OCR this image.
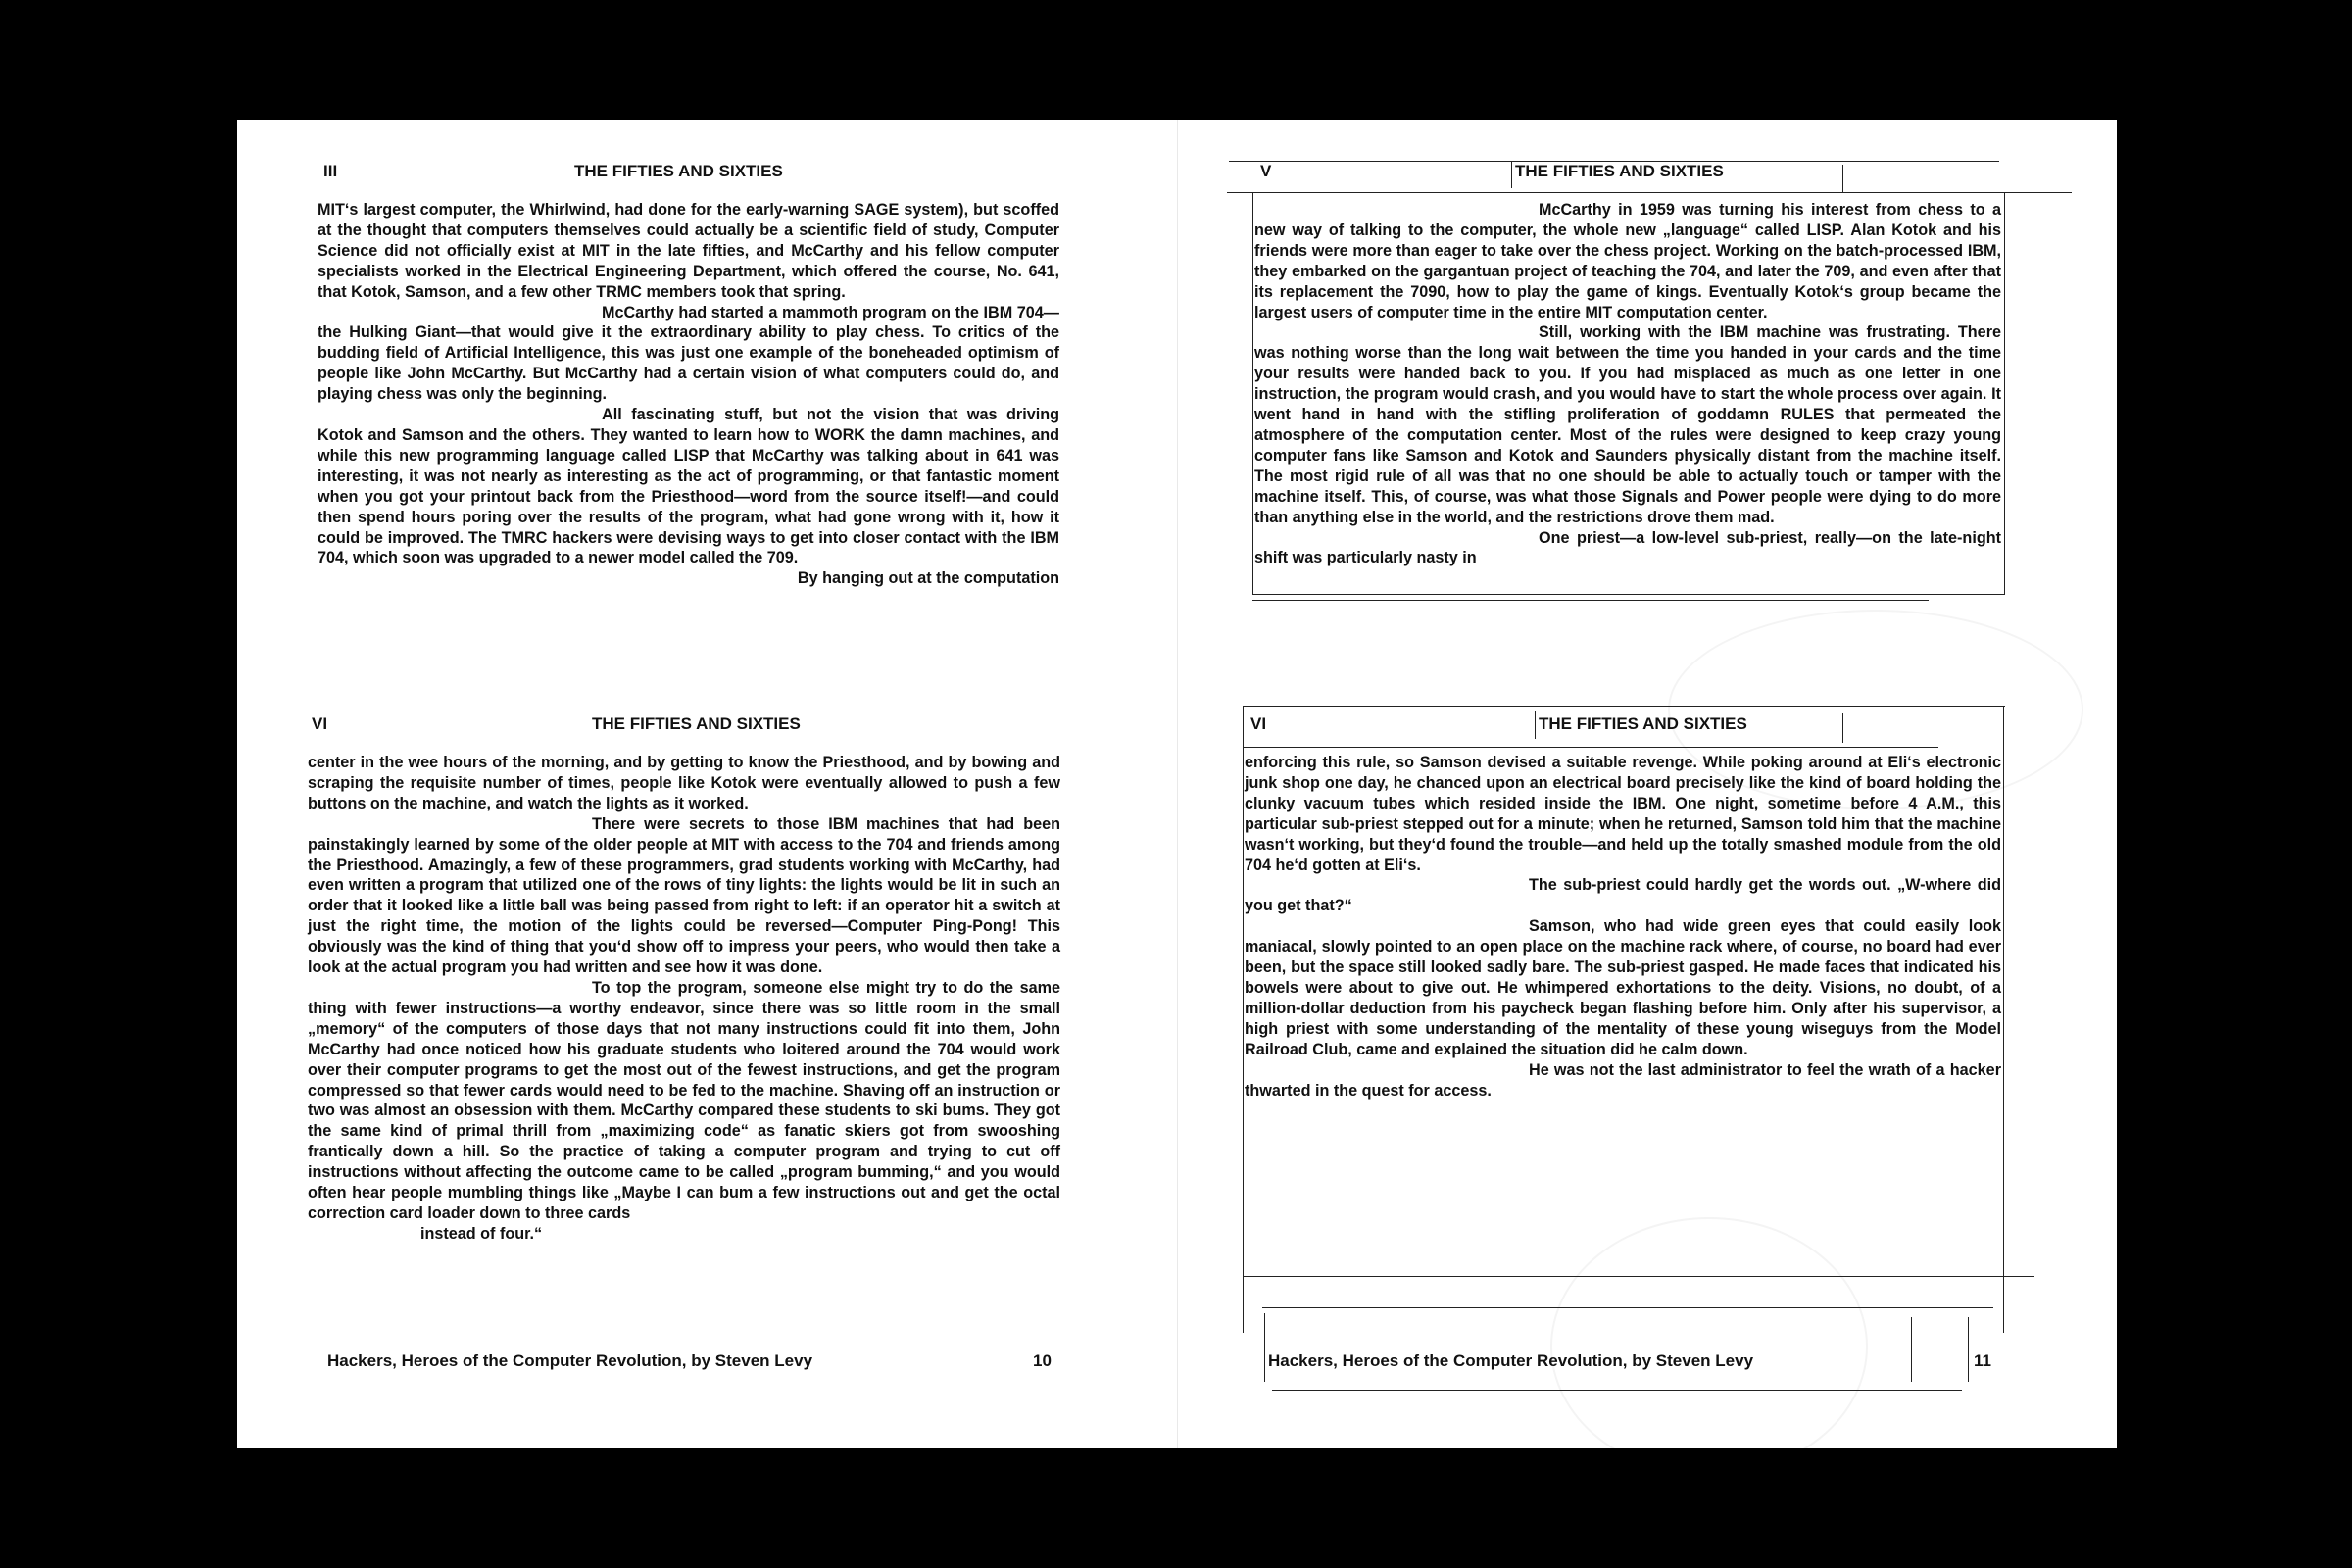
III	THE FIFTIES AND SIXTIES

MIT‘s largest computer, the Whirlwind, had done for the early-warning SAGE system), but scoffed at the thought that computers themselves could actually be a scientific field of study, Computer Science did not officially exist at MIT in the late fifties, and McCarthy and his fellow computer specialists worked in the Electrical Engineering Department, which offered the course, No. 641, that Kotok, Samson, and a few other TRMC members took that spring.

McCarthy had started a mammoth program on the IBM 704—the Hulking Giant—that would give it the extraordinary ability to play chess. To critics of the budding field of Artificial Intelligence, this was just one example of the boneheaded optimism of people like John McCarthy. But McCarthy had a certain vision of what computers could do, and playing chess was only the beginning.

All fascinating stuff, but not the vision that was driving Kotok and Samson and the others. They wanted to learn how to WORK the damn machines, and while this new programming language called LISP that McCarthy was talking about in 641 was interesting, it was not nearly as interesting as the act of programming, or that fantastic moment when you got your printout back from the Priesthood—word from the source itself!—and could then spend hours poring over the results of the program, what had gone wrong with it, how it could be improved. The TMRC hackers were devising ways to get into closer contact with the IBM 704, which soon was upgraded to a newer model called the 709.

By hanging out at the computation

VI	THE FIFTIES AND SIXTIES

center in the wee hours of the morning, and by getting to know the Priesthood, and by bowing and scraping the requisite number of times, people like Kotok were eventually allowed to push a few buttons on the machine, and watch the lights as it worked.

There were secrets to those IBM machines that had been painstakingly learned by some of the older people at MIT with access to the 704 and friends among the Priesthood. Amazingly, a few of these programmers, grad students working with McCarthy, had even written a program that utilized one of the rows of tiny lights: the lights would be lit in such an order that it looked like a little ball was being passed from right to left: if an operator hit a switch at just the right time, the motion of the lights could be reversed—Computer Ping-Pong! This obviously was the kind of thing that you‘d show off to impress your peers, who would then take a look at the actual program you had written and see how it was done.

To top the program, someone else might try to do the same thing with fewer instructions—a worthy endeavor, since there was so little room in the small „memory“ of the computers of those days that not many instructions could fit into them, John McCarthy had once noticed how his graduate students who loitered around the 704 would work over their computer programs to get the most out of the fewest instructions, and get the program compressed so that fewer cards would need to be fed to the machine. Shaving off an instruction or two was almost an obsession with them. McCarthy compared these students to ski bums. They got the same kind of primal thrill from „maximizing code“ as fanatic skiers got from swooshing frantically down a hill. So the practice of taking a computer program and trying to cut off instructions without affecting the outcome came to be called „program bumming,“ and you would often hear people mumbling things like „Maybe I can bum a few instructions out and get the octal correction card loader down to three cards

instead of four.“

Hackers, Heroes of the Computer Revolution, by Steven Levy	10
V	THE FIFTIES AND SIXTIES

McCarthy in 1959 was turning his interest from chess to a new way of talking to the computer, the whole new „language“ called LISP. Alan Kotok and his friends were more than eager to take over the chess project. Working on the batch-processed IBM, they embarked on the gargantuan project of teaching the 704, and later the 709, and even after that its replacement the 7090, how to play the game of kings. Eventually Kotok‘s group became the largest users of computer time in the entire MIT computation center.

Still, working with the IBM machine was frustrating. There was nothing worse than the long wait between the time you handed in your cards and the time your results were handed back to you. If you had misplaced as much as one letter in one instruction, the program would crash, and you would have to start the whole process over again. It went hand in hand with the stifling proliferation of goddamn RULES that permeated the atmosphere of the computation center. Most of the rules were designed to keep crazy young computer fans like Samson and Kotok and Saunders physically distant from the machine itself. The most rigid rule of all was that no one should be able to actually touch or tamper with the machine itself. This, of course, was what those Signals and Power people were dying to do more than anything else in the world, and the restrictions drove them mad.

One priest—a low-level sub-priest, really—on the late-night shift was particularly nasty in

VI	THE FIFTIES AND SIXTIES

enforcing this rule, so Samson devised a suitable revenge. While poking around at Eli‘s electronic junk shop one day, he chanced upon an electrical board precisely like the kind of board holding the clunky vacuum tubes which resided inside the IBM. One night, sometime before 4 A.M., this particular sub-priest stepped out for a minute; when he returned, Samson told him that the machine wasn‘t working, but they‘d found the trouble—and held up the totally smashed module from the old 704 he‘d gotten at Eli‘s.

The sub-priest could hardly get the words out. „W-where did you get that?“

Samson, who had wide green eyes that could easily look maniacal, slowly pointed to an open place on the machine rack where, of course, no board had ever been, but the space still looked sadly bare. The sub-priest gasped. He made faces that indicated his bowels were about to give out. He whimpered exhortations to the deity. Visions, no doubt, of a million-dollar deduction from his paycheck began flashing before him. Only after his supervisor, a high priest with some understanding of the mentality of these young wiseguys from the Model Railroad Club, came and explained the situation did he calm down.

He was not the last administrator to feel the wrath of a hacker thwarted in the quest for access.

Hackers, Heroes of the Computer Revolution, by Steven Levy	11
